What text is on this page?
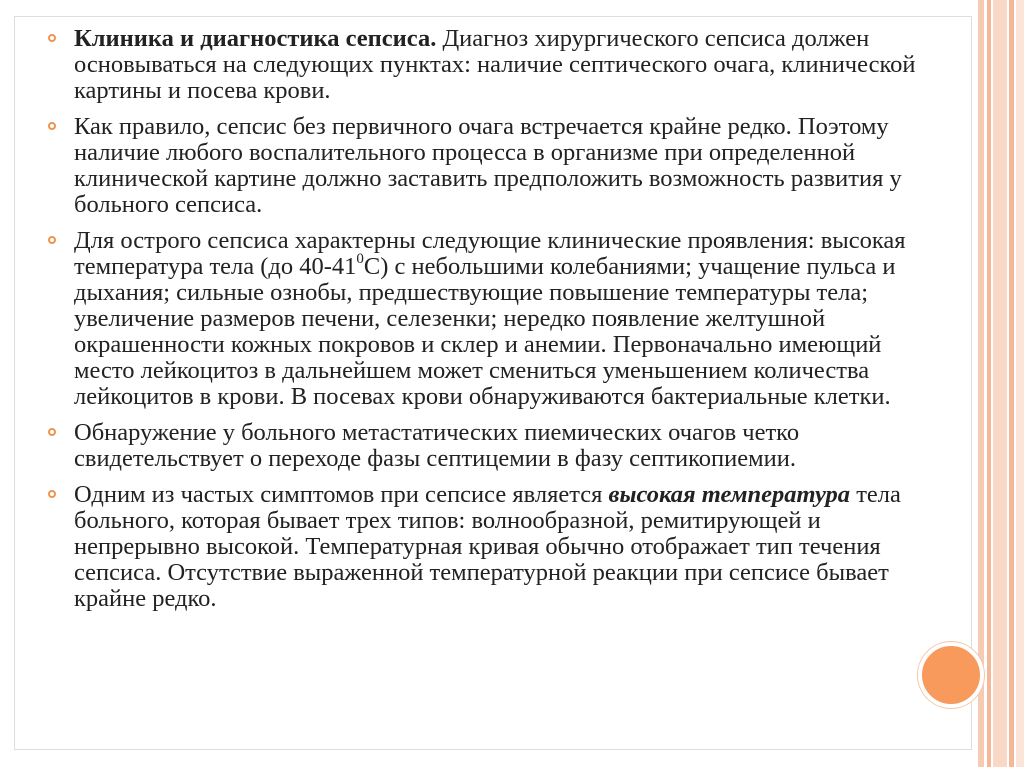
Клиника и диагностика сепсиса. Диагноз хирургического сепсиса должен основываться на следующих пунктах: наличие септического очага, клинической картины и посева крови.
Как правило, сепсис без первичного очага встречается крайне редко. Поэтому наличие любого воспалительного процесса в организме при определенной клинической картине должно заставить предположить возможность развития у больного сепсиса.
Для острого сепсиса характерны следующие клинические проявления: высокая температура тела (до $40-41^0С$) с небольшими колебаниями; учащение пульса и дыхания; сильные ознобы, предшествующие повышение температуры тела; увеличение размеров печени, селезенки; нередко появление желтушной окрашенности кожных покровов и склер и анемии. Первоначально имеющий место лейкоцитоз в дальнейшем может смениться уменьшением количества лейкоцитов в крови. В посевах крови обнаруживаются бактериальные клетки.
Обнаружение у больного метастатических пиемических очагов четко свидетельствует о переходе фазы септицемии в фазу септикопиемии.
Одним из частых симптомов при сепсисе является высокая температура тела больного, которая бывает трех типов: волнообразной, ремитирующей и непрерывно высокой. Температурная кривая обычно отображает тип течения сепсиса. Отсутствие выраженной температурной реакции при сепсисе бывает крайне редко.
